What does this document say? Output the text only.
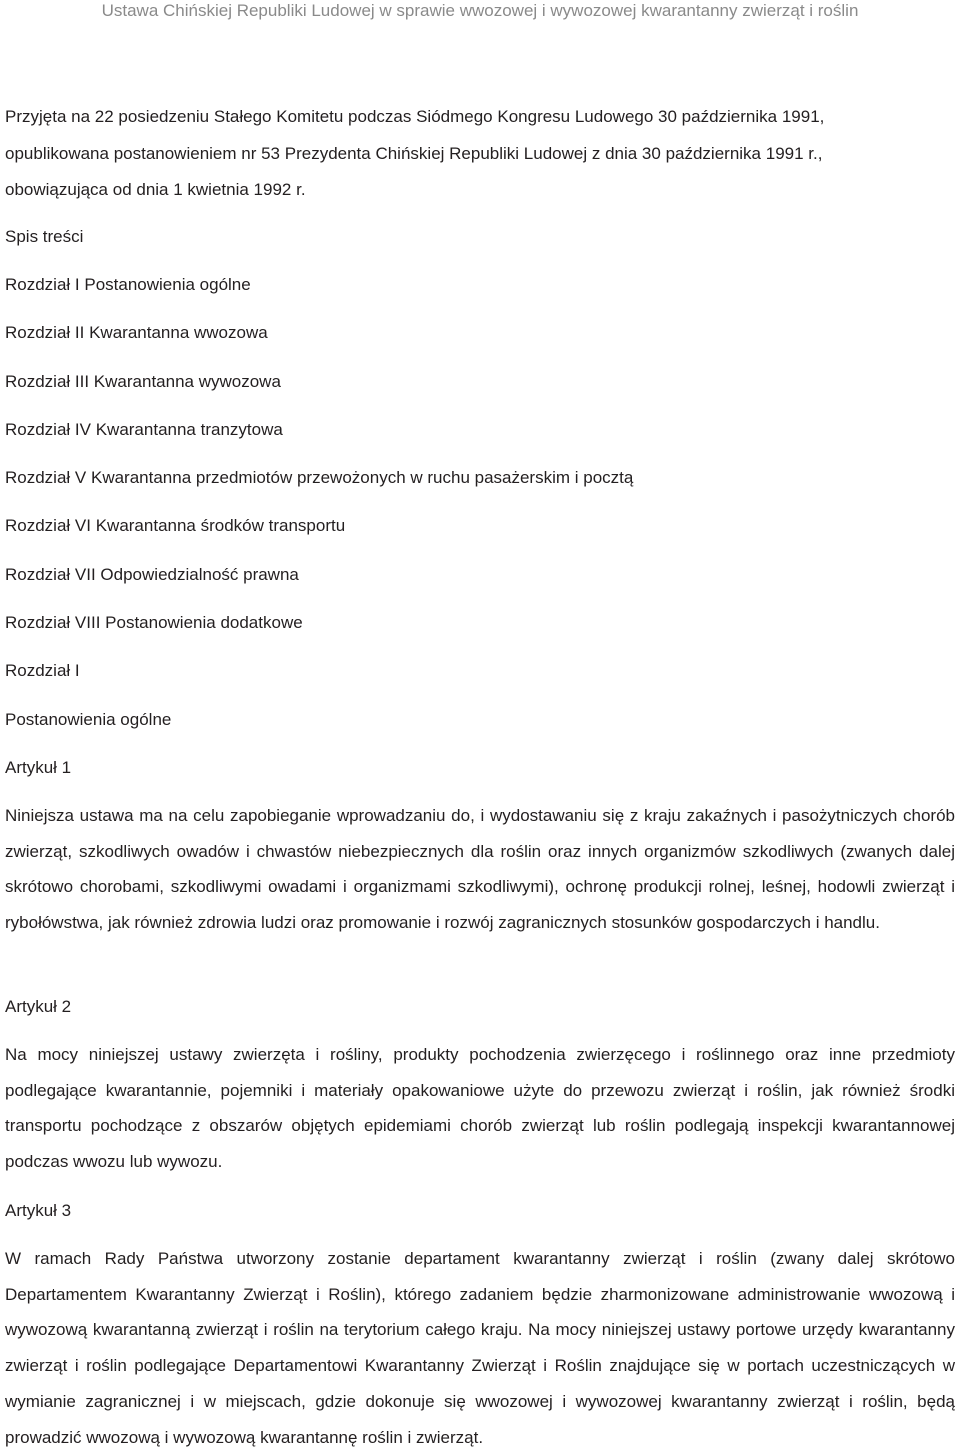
Ustawa Chińskiej Republiki Ludowej w sprawie wwozowej i wywozowej kwarantanny zwierząt i roślin
Przyjęta na 22 posiedzeniu Stałego Komitetu podczas Siódmego Kongresu Ludowego 30 października 1991,
opublikowana postanowieniem nr 53 Prezydenta Chińskiej Republiki Ludowej z dnia 30 października 1991 r.,
obowiązująca od dnia 1 kwietnia 1992 r.
Spis treści
Rozdział I Postanowienia ogólne
Rozdział II Kwarantanna wwozowa
Rozdział III Kwarantanna wywozowa
Rozdział IV Kwarantanna tranzytowa
Rozdział V Kwarantanna przedmiotów przewożonych w ruchu pasażerskim i pocztą
Rozdział VI Kwarantanna środków transportu
Rozdział VII Odpowiedzialność prawna
Rozdział VIII Postanowienia dodatkowe
Rozdział I
Postanowienia ogólne
Artykuł 1
Niniejsza ustawa ma na celu zapobieganie wprowadzaniu do, i wydostawaniu się z kraju zakaźnych i pasożytniczych chorób zwierząt, szkodliwych owadów i chwastów niebezpiecznych dla roślin oraz innych organizmów szkodliwych (zwanych dalej skrótowo chorobami, szkodliwymi owadami i organizmami szkodliwymi), ochronę produkcji rolnej, leśnej, hodowli zwierząt i rybołówstwa, jak również zdrowia ludzi oraz promowanie i rozwój zagranicznych stosunków gospodarczych i handlu.
Artykuł 2
Na mocy niniejszej ustawy zwierzęta i rośliny, produkty pochodzenia zwierzęcego i roślinnego oraz inne przedmioty podlegające kwarantannie, pojemniki i materiały opakowaniowe użyte do przewozu zwierząt i roślin, jak również środki transportu pochodzące z obszarów objętych epidemiami chorób zwierząt lub roślin podlegają inspekcji kwarantannowej podczas wwozu lub wywozu.
Artykuł 3
W ramach Rady Państwa utworzony zostanie departament kwarantanny zwierząt i roślin (zwany dalej skrótowo Departamentem Kwarantanny Zwierząt i Roślin), którego zadaniem będzie zharmonizowane administrowanie wwozową i wywozową kwarantanną zwierząt i roślin na terytorium całego kraju. Na mocy niniejszej ustawy portowe urzędy kwarantanny zwierząt i roślin podlegające Departamentowi Kwarantanny Zwierząt i Roślin znajdujące się w portach uczestniczących w wymianie zagranicznej i w miejscach, gdzie dokonuje się wwozowej i wywozowej kwarantanny zwierząt i roślin, będą prowadzić wwozową i wywozową kwarantannę roślin i zwierząt.
